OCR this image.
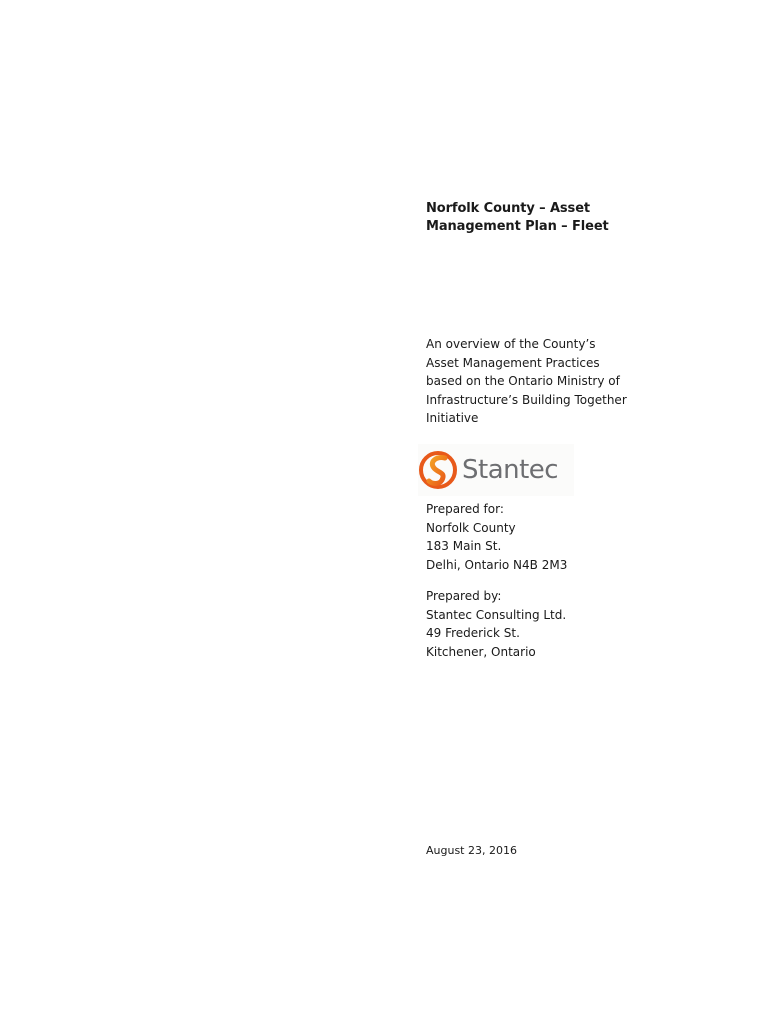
Norfolk County – Asset
Management Plan – Fleet
An overview of the County’s
Asset Management Practices
based on the Ontario Ministry of
Infrastructure’s Building Together
Initiative
Stantec
Prepared for:
Norfolk County
183 Main St.
Delhi, Ontario N4B 2M3
Prepared by:
Stantec Consulting Ltd.
49 Frederick St.
Kitchener, Ontario
August 23, 2016
